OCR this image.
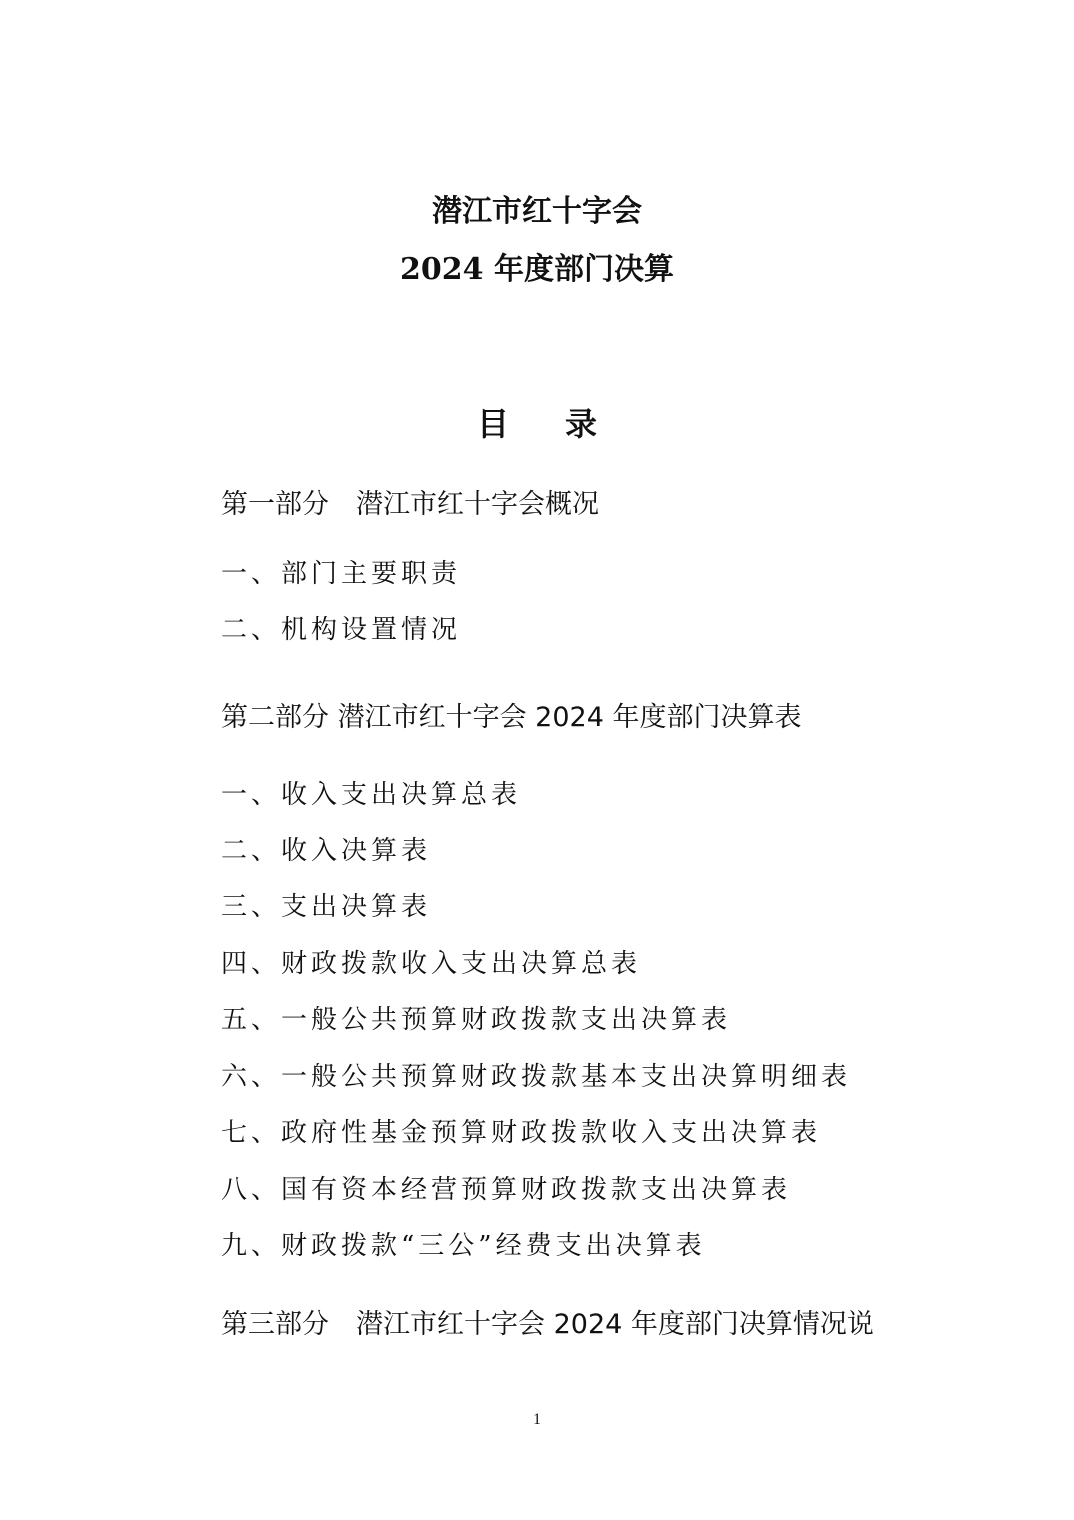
潜江市红十字会
2024 年度部门决算
目 录
第一部分　潜江市红十字会概况
一、部门主要职责
二、机构设置情况
第二部分 潜江市红十字会 2024 年度部门决算表
一、收入支出决算总表
二、收入决算表
三、支出决算表
四、财政拨款收入支出决算总表
五、一般公共预算财政拨款支出决算表
六、一般公共预算财政拨款基本支出决算明细表
七、政府性基金预算财政拨款收入支出决算表
八、国有资本经营预算财政拨款支出决算表
九、财政拨款“三公”经费支出决算表
第三部分　潜江市红十字会 2024 年度部门决算情况说
1
